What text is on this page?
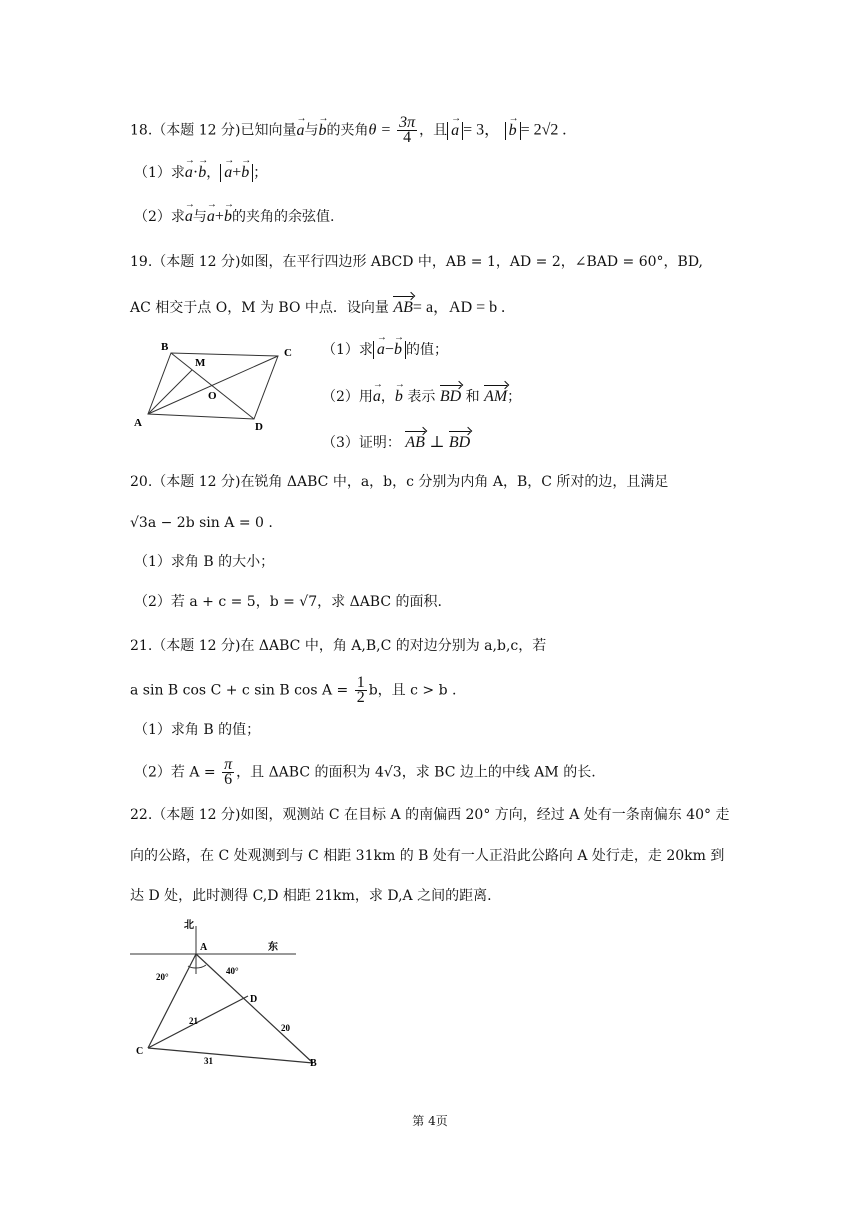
18.（本题 12 分)已知向量→ a与→ b的夹角$\theta = \frac{3\pi}{4}$ ，且 → a = 3， → b = 2√2 .
（1）求→ a·→ b， → a+→ b ；
（2）求→ a与→ a+→ b的夹角的余弦值.
19.（本题 12 分)如图，在平行四边形 ABCD 中，AB = 1，AD = 2，∠BAD = 60°，BD,
AC 相交于点 O，M 为 BO 中点．设向量 AB= a，AD = b .
B
M
C
O
A	D
（1）求 → a−→ b 的值；
（2）用→ a，→ b 表示 BD 和 AM；
（3）证明： AB ⊥ BD
20.（本题 12 分)在锐角 ΔABC 中，a，b，c 分别为内角 A，B，C 所对的边，且满足
√3a − 2b sin A = 0 .
（1）求角 B 的大小；
（2）若 a + c = 5，b = √7，求 ΔABC 的面积.
21.（本题 12 分)在 ΔABC 中，角 A,B,C 的对边分别为 a,b,c，若
a sin B cos C + c sin B $\cos A = \frac{1}{2}$ b，且 c > b .
（1）求角 B 的值；
（2）若 $A = \frac{\pi}{6}$ ，且 ΔABC 的面积为 4√3，求 BC 边上的中线 AM 的长.
22.（本题 12 分)如图，观测站 C 在目标 A 的南偏西 20° 方向，经过 A 处有一条南偏东 40° 走
向的公路，在 C 处观测到与 C 相距 31km 的 B 处有一人正沿此公路向 A 处行走，走 20km 到
达 D 处，此时测得 C,D 相距 21km，求 D,A 之间的距离.
北
东
A
D
C
B
20°
40°
21
20
31
第 4页
